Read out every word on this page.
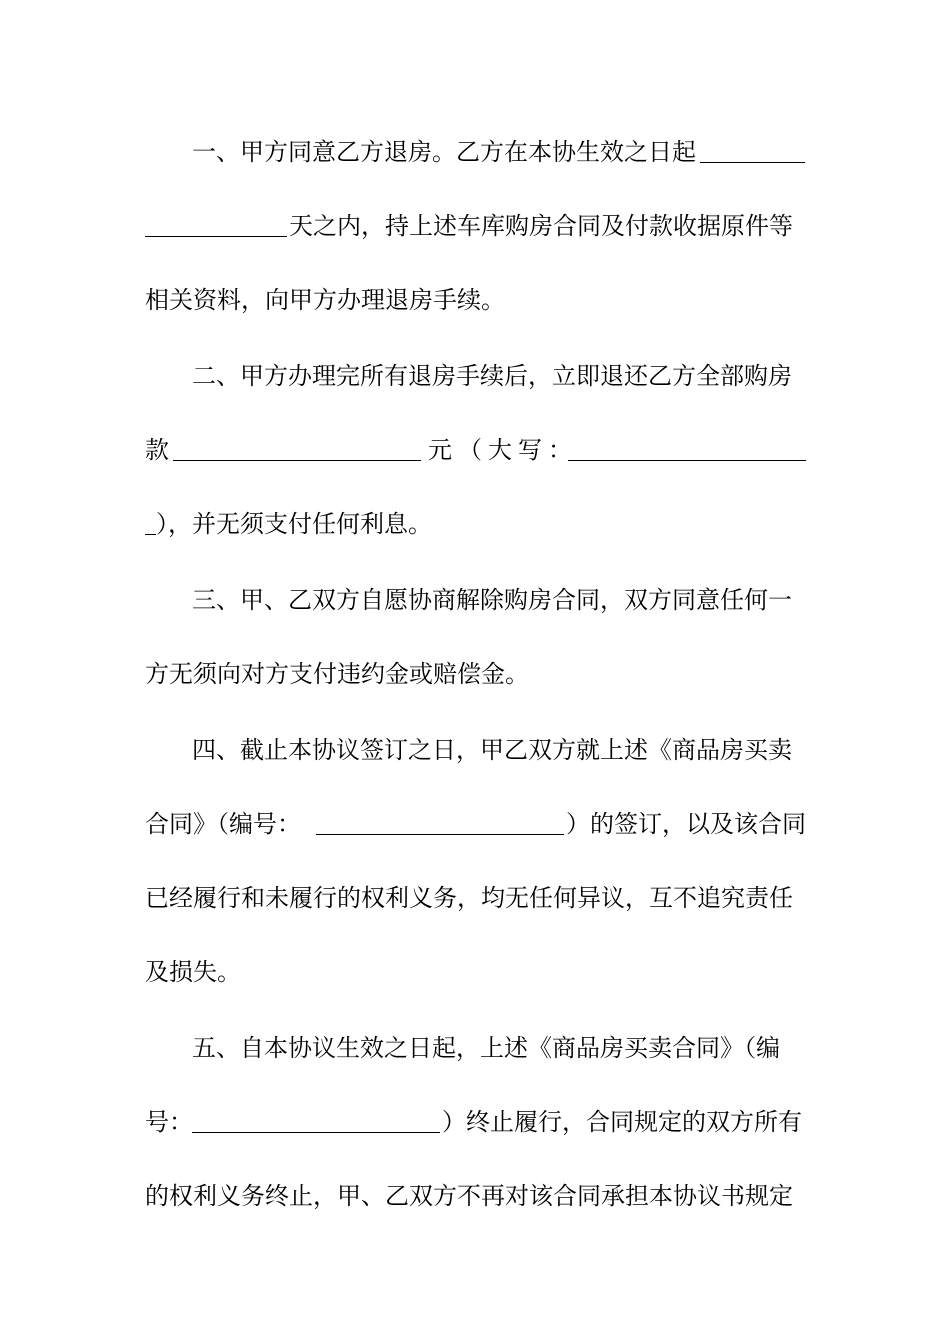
一、甲方同意乙方退房。乙方在本协生效之日起
天之内，持上述车库购房合同及付款收据原件等
相关资料，向甲方办理退房手续。
二、甲方办理完所有退房手续后，立即退还乙方全部购房
款	元（大写：
），并无须支付任何利息。
三、甲、乙双方自愿协商解除购房合同，双方同意任何一
方无须向对方支付违约金或赔偿金。
四、截止本协议签订之日，甲乙双方就上述《商品房买卖
合同》（编号：	）的签订，以及该合同
已经履行和未履行的权利义务，均无任何异议，互不追究责任
及损失。
五、自本协议生效之日起，上述《商品房买卖合同》（编
号：	）终止履行，合同规定的双方所有
的权利义务终止，甲、乙双方不再对该合同承担本协议书规定
